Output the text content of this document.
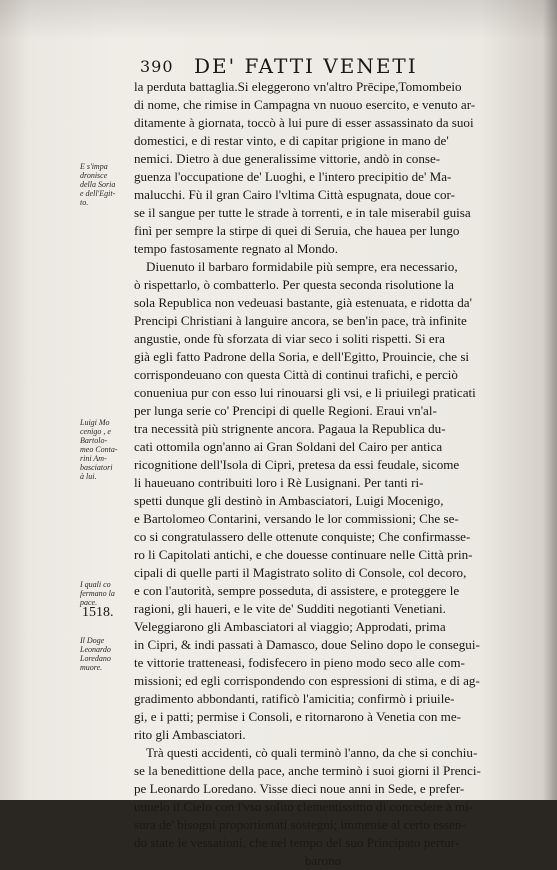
390 DE' FATTI VENETI
E s'impa
dronisce
della Soria
e dell'Egit-
to.
Luigi Mo
cenigo , e
Bartolo-
meo Conta-
rini Am-
basciatori
à lui.
I quali co
fermano la
pace.
1518.
Il Doge
Leonardo
Loredano
muore.
la perduta battaglia.Si eleggerono vn'altro Prēcipe,Tomombeio
di nome, che rimise in Campagna vn nuouo esercito, e venuto ar-
ditamente à giornata, toccò à lui pure di esser assassinato da suoi
domestici, e di restar vinto, e di capitar prigione in mano de'
nemici. Dietro à due generalissime vittorie, andò in conse-
guenza l'occupatione de' Luoghi, e l'intero precipitio de' Ma-
malucchi. Fù il gran Cairo l'vltima Città espugnata, doue cor-
se il sangue per tutte le strade à torrenti, e in tale miserabil guisa
finì per sempre la stirpe di quei di Seruia, che hauea per lungo
tempo fastosamente regnato al Mondo.
Diuenuto il barbaro formidabile più sempre, era necessario,
ò rispettarlo, ò combatterlo. Per questa seconda risolutione la
sola Republica non vedeuasi bastante, già estenuata, e ridotta da'
Prencipi Christiani à languire ancora, se ben'in pace, trà infinite
angustie, onde fù sforzata di viar seco i soliti rispetti. Si era
già egli fatto Padrone della Soria, e dell'Egitto, Prouincie, che si
corrispondeuano con questa Città di continui trafichi, e perciò
conueniua pur con esso lui rinouarsi gli vsi, e li priuilegi praticati
per lunga serie co' Prencipi di quelle Regioni. Eraui vn'al-
tra necessità più strignente ancora. Pagaua la Republica du-
cati ottomila ogn'anno ai Gran Soldani del Cairo per antica
ricognitione dell'Isola di Cipri, pretesa da essi feudale, sicome
li haueuano contribuiti loro i Rè Lusignani. Per tanti ri-
spetti dunque gli destinò in Ambasciatori, Luigi Mocenigo,
e Bartolomeo Contarini, versando le lor commissioni; Che se-
co si congratulassero delle ottenute conquiste; Che confirmasse-
ro li Capitolati antichi, e che douesse continuare nelle Città prin-
cipali di quelle parti il Magistrato solito di Console, col decoro,
e con l'autorità, sempre posseduta, di assistere, e proteggere le
ragioni, gli haueri, e le vite de' Sudditi negotianti Venetiani.
Veleggiarono gli Ambasciatori al viaggio; Approdati, prima
in Cipri, & indi passati à Damasco, doue Selino dopo le consegui-
te vittorie tratteneasi, fodisfecero in pieno modo seco alle com-
missioni; ed egli corrispondendo con espressioni di stima, e di ag-
gradimento abbondanti, ratificò l'amicitia; confirmò i priuile-
gi, e i patti; permise i Consoli, e ritornarono à Venetia con me-
rito gli Ambasciatori.
Trà questi accidenti, cò quali terminò l'anno, da che si conchiu-
se la benedittione della pace, anche terminò i suoi giorni il Prenci-
pe Leonardo Loredano. Visse dieci noue anni in Sede, e prefer-
uuuelo il Cielo con l'vso solito clementissimo di concedere à mi-
sura de' bisogni proportionati sostegni; immense al certo essen-
do state le vessationi, che nel tempo del suo Principato pertur-
barono
